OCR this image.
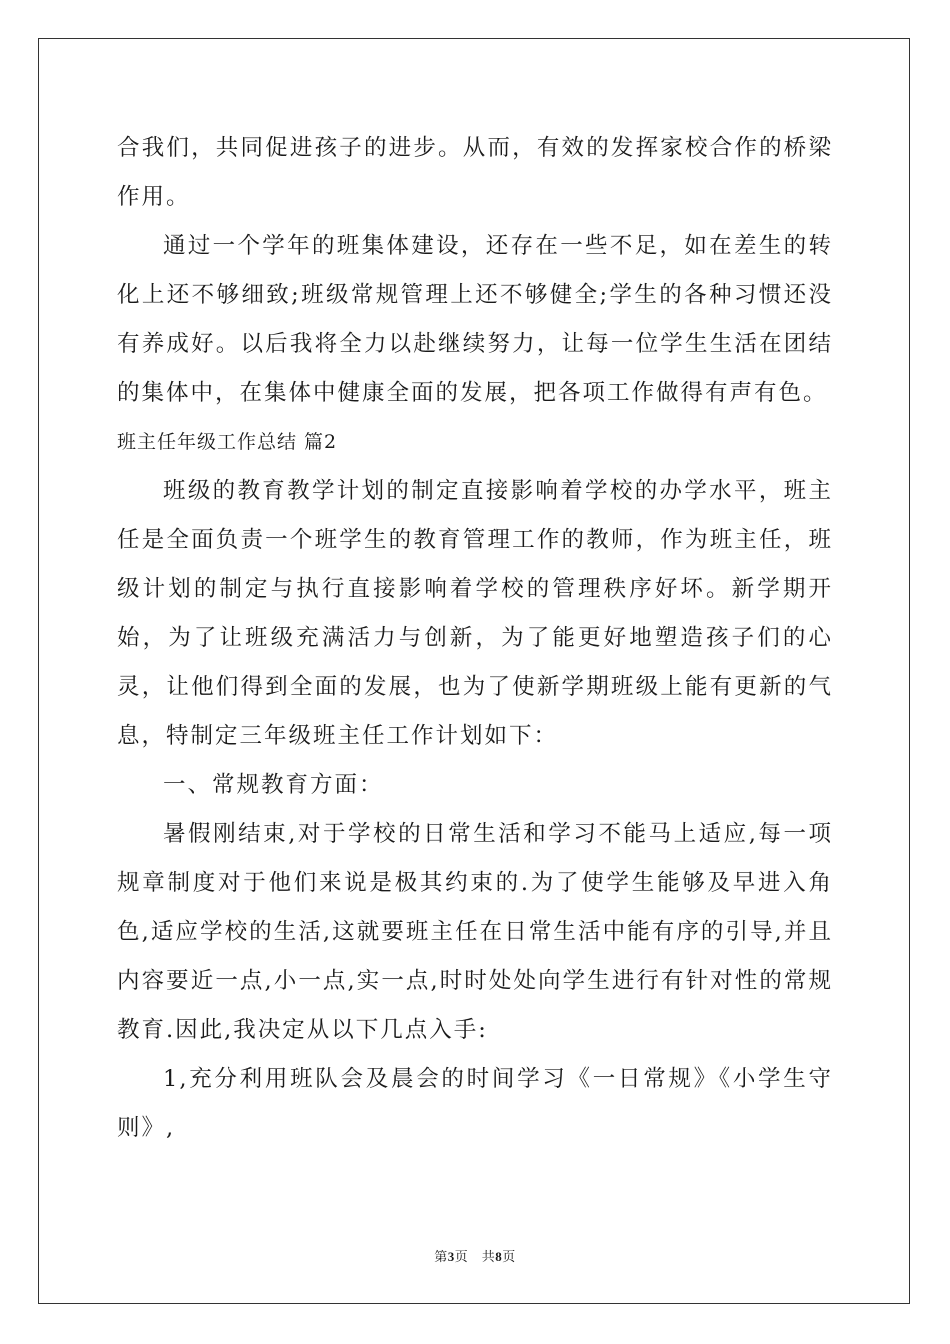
合我们，共同促进孩子的进步。从而，有效的发挥家校合作的桥梁作用。

通过一个学年的班集体建设，还存在一些不足，如在差生的转化上还不够细致;班级常规管理上还不够健全;学生的各种习惯还没有养成好。以后我将全力以赴继续努力，让每一位学生生活在团结的集体中，在集体中健康全面的发展，把各项工作做得有声有色。

班主任年级工作总结 篇2

班级的教育教学计划的制定直接影响着学校的办学水平，班主任是全面负责一个班学生的教育管理工作的教师，作为班主任，班级计划的制定与执行直接影响着学校的管理秩序好坏。新学期开始，为了让班级充满活力与创新，为了能更好地塑造孩子们的心灵，让他们得到全面的发展，也为了使新学期班级上能有更新的气息，特制定三年级班主任工作计划如下：

一、常规教育方面：

暑假刚结束,对于学校的日常生活和学习不能马上适应,每一项规章制度对于他们来说是极其约束的.为了使学生能够及早进入角色,适应学校的生活,这就要班主任在日常生活中能有序的引导,并且内容要近一点,小一点,实一点,时时处处向学生进行有针对性的常规教育.因此,我决定从以下几点入手:

1,充分利用班队会及晨会的时间学习《一日常规》《小学生守则》,

第3页　共8页
